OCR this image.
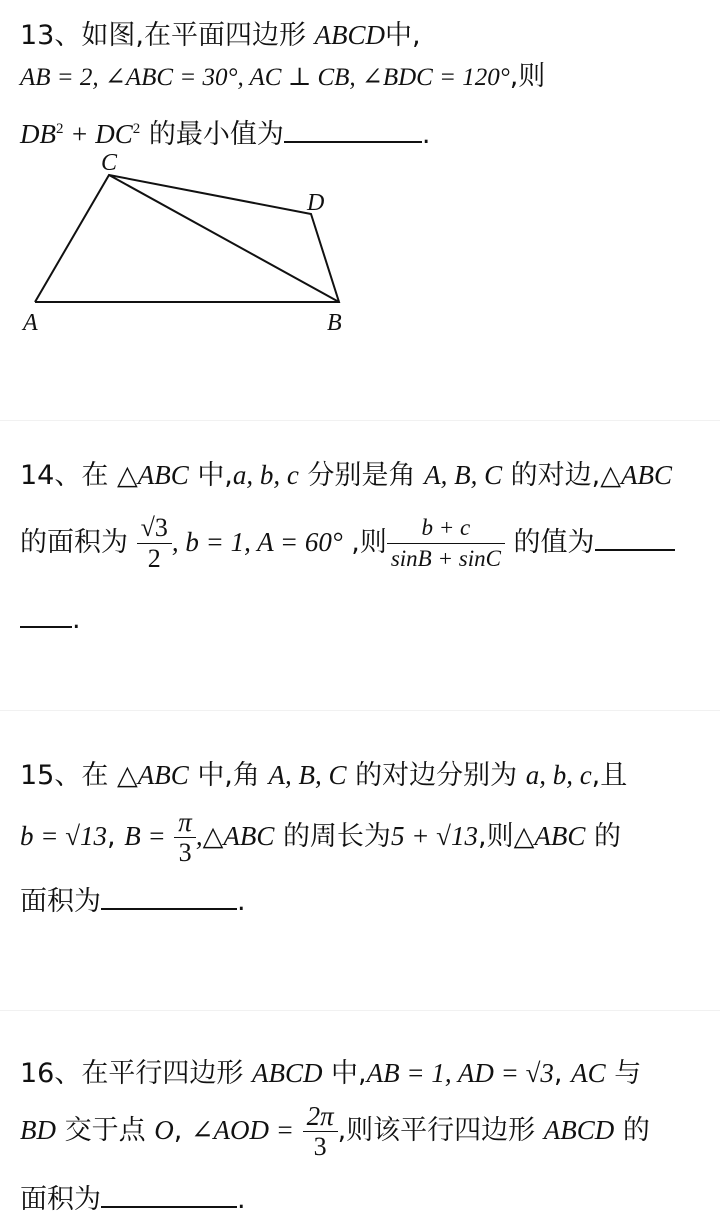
13、如图,在平面四边形 ABCD中,
AB = 2, ∠ABC = 30°, AC ⊥ CB, ∠BDC = 120°,则
$DB^2 + DC^2$ 的最小值为	.
C
D
A	B
14、在 △ABC 中,a, b, c 分别是角 A, B, C 的对边,△ABC
的面积为 $\frac{√3}{2}$ , b = 1, A = 60° ,则 $\frac{b + c}{\sin B + \sin C}$ 的值为
.
15、在 △ABC 中,角 A, B, C 的对边分别为 a, b, c,且
b = √13, $B = \frac{\pi}{3}$ ,△ABC 的周长为5 + √13,则△ABC 的
面积为	.
16、在平行四边形 ABCD 中,AB = 1, AD = √3, AC 与
BD 交于点 O, ∠AOD = $\frac{2\pi}{3}$ ,则该平行四边形 ABCD 的
面积为	.
